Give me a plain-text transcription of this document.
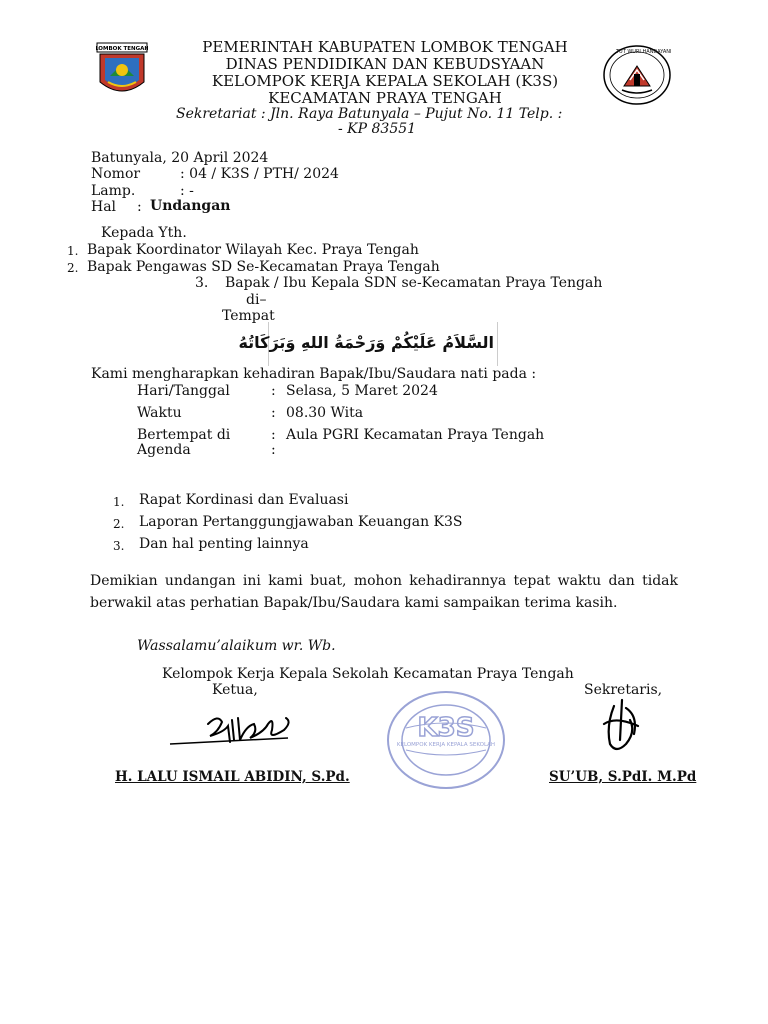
LOMBOK TENGAH	TUT WURI HANDAYANI
PEMERINTAH KABUPATEN LOMBOK TENGAH
DINAS PENDIDIKAN DAN KEBUDSYAAN
KELOMPOK KERJA KEPALA SEKOLAH (K3S)
KECAMATAN PRAYA TENGAH
Sekretariat : Jln. Raya Batunyala – Pujut No. 11 Telp. :
- KP 83551
Batunyala, 20 April 2024
Nomor	: 04 / K3S / PTH/ 2024
Lamp.	: -
Hal : Undangan
Kepada Yth.
1. Bapak Koordinator Wilayah Kec. Praya Tengah
2. Bapak Pengawas SD Se-Kecamatan Praya Tengah
3. Bapak / Ibu Kepala SDN se-Kecamatan Praya Tengah
di–
Tempat
السَّلاَمُ عَلَيْكُمْ وَرَحْمَةُ اللهِ وَبَرَكَاتُهُ
Kami mengharapkan kehadiran Bapak/Ibu/Saudara nati pada :
Hari/Tanggal	: Selasa, 5 Maret 2024
Waktu	: 08.30 Wita
Bertempat di	: Aula PGRI Kecamatan Praya Tengah
Agenda	:
1. Rapat Kordinasi dan Evaluasi
2. Laporan Pertanggungjawaban Keuangan K3S
3. Dan hal penting lainnya
Demikian undangan ini kami buat, mohon kehadirannya tepat waktu dan tidak berwakil atas perhatian Bapak/Ibu/Saudara kami sampaikan terima kasih.
Wassalamu’alaikum wr. Wb.
Kelompok Kerja Kepala Sekolah Kecamatan Praya Tengah
Ketua,	Sekretaris,
K3S
KELOMPOK KERJA KEPALA SEKOLAH
H. LALU ISMAIL ABIDIN, S.Pd.	SU’UB, S.PdI. M.Pd
